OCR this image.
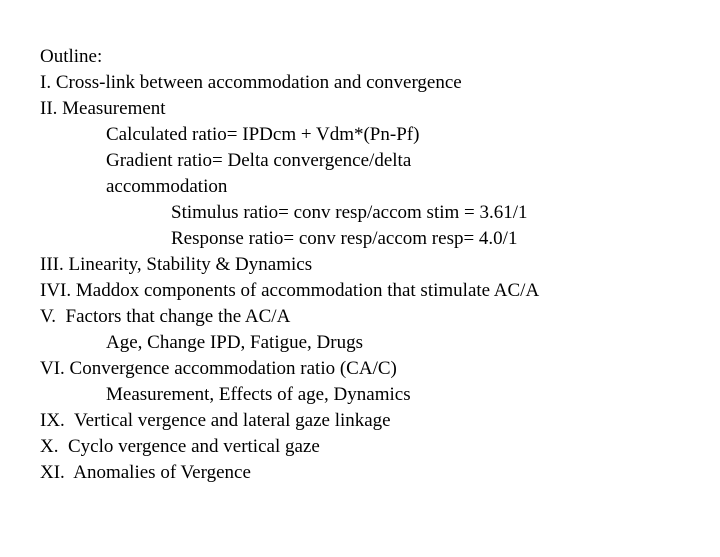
Outline:
I. Cross-link between accommodation and convergence
II. Measurement
Calculated ratio= IPDcm + Vdm*(Pn-Pf)
Gradient ratio= Delta convergence/delta
accommodation
Stimulus ratio= conv resp/accom stim = 3.61/1
Response ratio= conv resp/accom resp= 4.0/1
III. Linearity, Stability & Dynamics
IVI. Maddox components of accommodation that stimulate AC/A
V.  Factors that change the AC/A
Age, Change IPD, Fatigue, Drugs
VI. Convergence accommodation ratio (CA/C)
Measurement, Effects of age, Dynamics
IX.  Vertical vergence and lateral gaze linkage
X.  Cyclo vergence and vertical gaze
XI.  Anomalies of Vergence
